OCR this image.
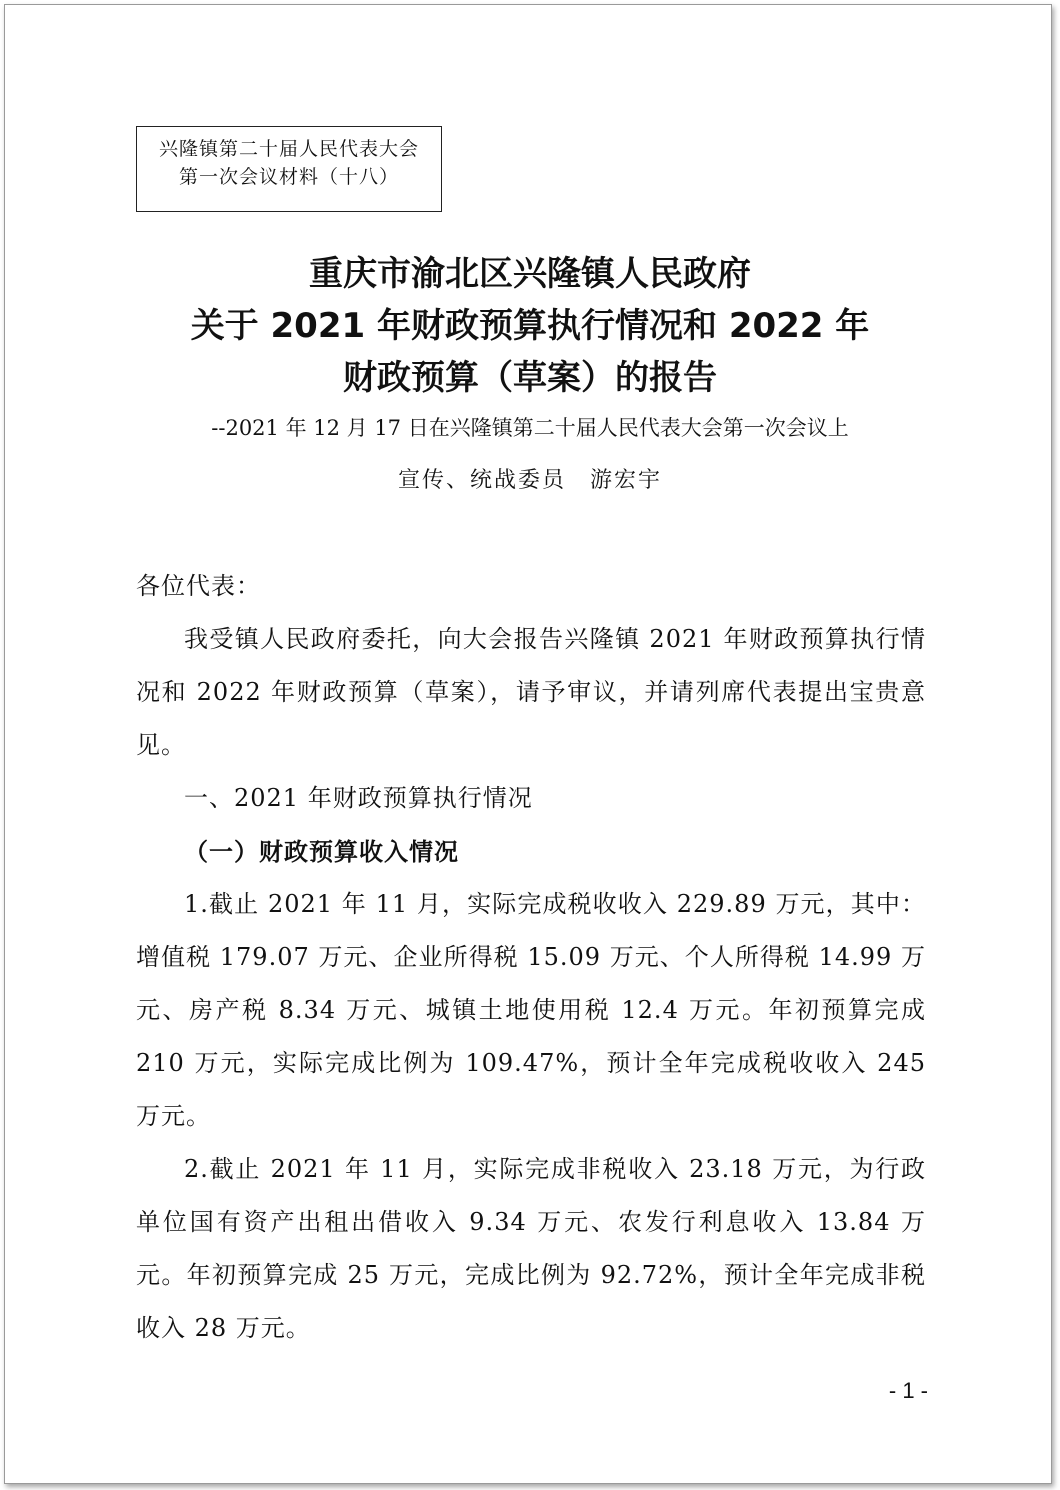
兴隆镇第二十届人民代表大会
第一次会议材料（十八）
重庆市渝北区兴隆镇人民政府
关于 2021 年财政预算执行情况和 2022 年
财政预算（草案）的报告
--2021 年 12 月 17 日在兴隆镇第二十届人民代表大会第一次会议上
宣传、统战委员　游宏宇

各位代表：

我受镇人民政府委托，向大会报告兴隆镇 2021 年财政预算执行情况和 2022 年财政预算（草案），请予审议，并请列席代表提出宝贵意见。

一、2021 年财政预算执行情况

（一）财政预算收入情况

1.截止 2021 年 11 月，实际完成税收收入 229.89 万元，其中：增值税 179.07 万元、企业所得税 15.09 万元、个人所得税 14.99 万元、房产税 8.34 万元、城镇土地使用税 12.4 万元。年初预算完成 210 万元，实际完成比例为 109.47%，预计全年完成税收收入 245 万元。

2.截止 2021 年 11 月，实际完成非税收入 23.18 万元，为行政单位国有资产出租出借收入 9.34 万元、农发行利息收入 13.84 万元。年初预算完成 25 万元，完成比例为 92.72%，预计全年完成非税收入 28 万元。

- 1 -
